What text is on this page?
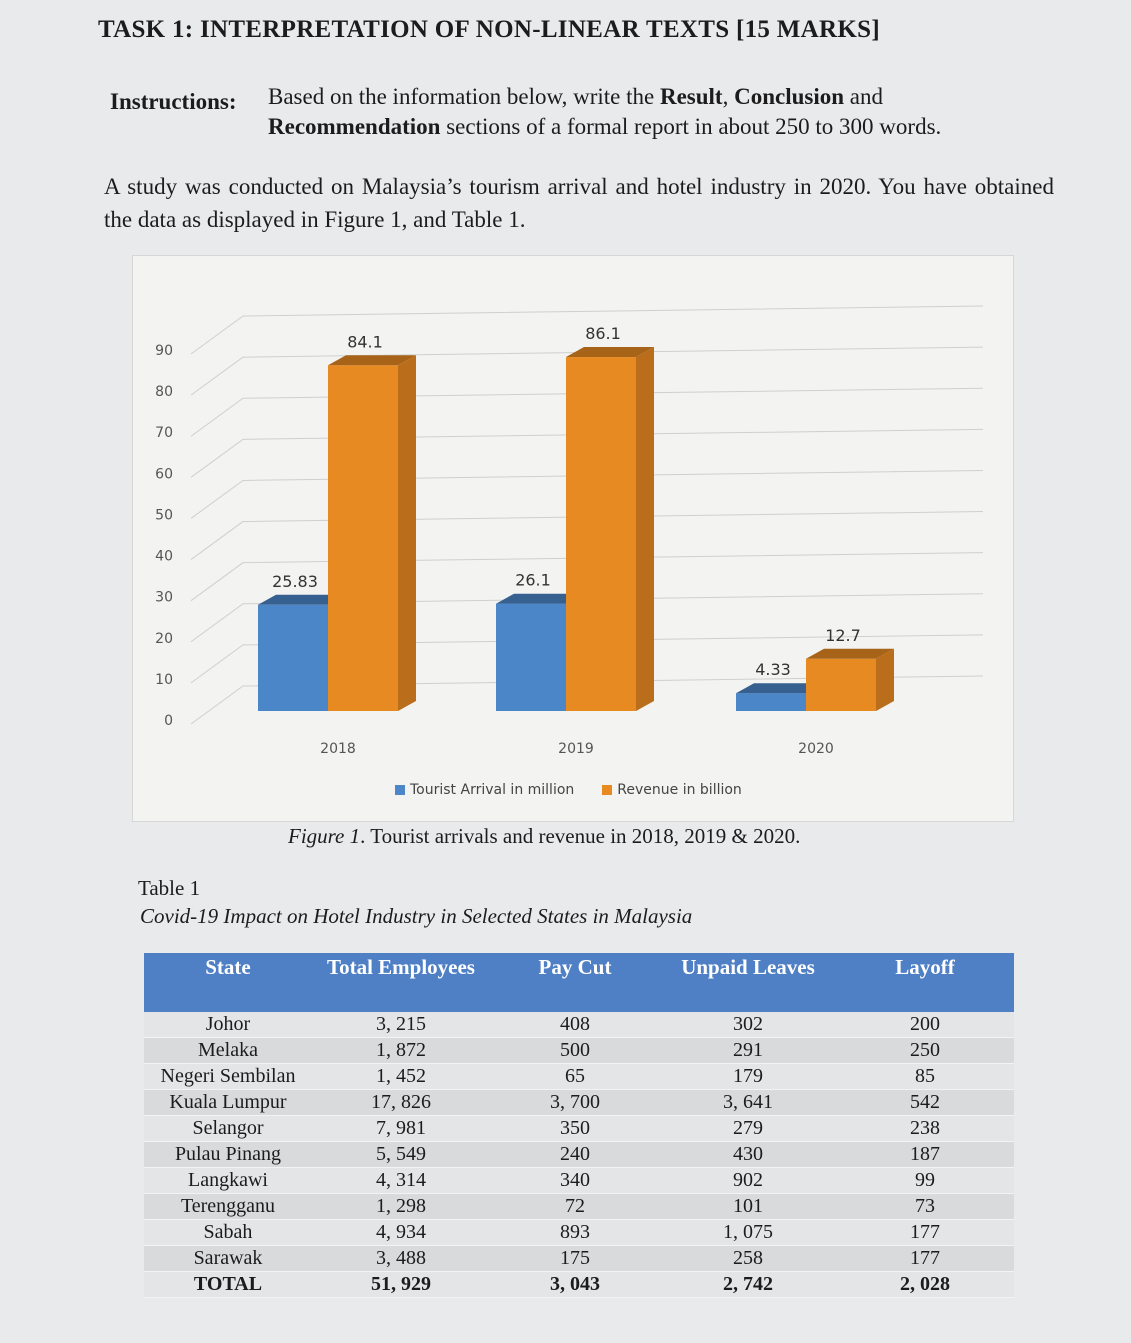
TASK 1: INTERPRETATION OF NON-LINEAR TEXTS [15 MARKS]
Instructions: Based on the information below, write the Result, Conclusion and Recommendation sections of a formal report in about 250 to 300 words.
A study was conducted on Malaysia’s tourism arrival and hotel industry in 2020. You have obtained the data as displayed in Figure 1, and Table 1.
0
10
20
30
40
50
60
70
80
90
25.83
84.1
2018
26.1
86.1
2019
4.33
12.7
2020
Tourist Arrival in million	Revenue in billion
Figure 1. Tourist arrivals and revenue in 2018, 2019 & 2020.
Table 1
Covid-19 Impact on Hotel Industry in Selected States in Malaysia
State	Total Employees	Pay Cut	Unpaid Leaves	Layoff
Johor	3, 215	408	302	200
Melaka	1, 872	500	291	250
Negeri Sembilan	1, 452	65	179	85
Kuala Lumpur	17, 826	3, 700	3, 641	542
Selangor	7, 981	350	279	238
Pulau Pinang	5, 549	240	430	187
Langkawi	4, 314	340	902	99
Terengganu	1, 298	72	101	73
Sabah	4, 934	893	1, 075	177
Sarawak	3, 488	175	258	177
TOTAL	51, 929	3, 043	2, 742	2, 028
